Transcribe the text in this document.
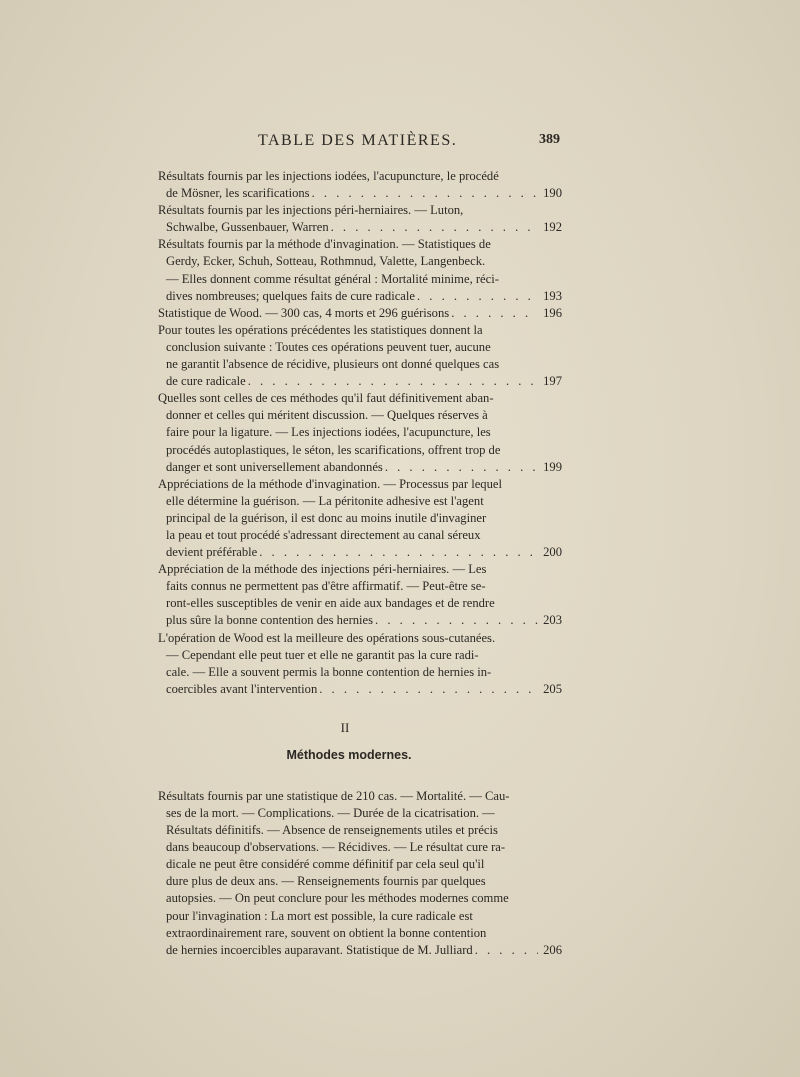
TABLE DES MATIÈRES.	389
Résultats fournis par les injections iodées, l'acupuncture, le procédé
de Mösner, les scarifications . . .	190
Résultats fournis par les injections péri-herniaires. — Luton,
Schwalbe, Gussenbauer, Warren . . .	192
Résultats fournis par la méthode d'invagination. — Statistiques de
Gerdy, Ecker, Schuh, Sotteau, Rothmnud, Valette, Langenbeck.
— Elles donnent comme résultat général : Mortalité minime, réci-
dives nombreuses; quelques faits de cure radicale . . .	193
Statistique de Wood. — 300 cas, 4 morts et 296 guérisons . . .	196
Pour toutes les opérations précédentes les statistiques donnent la
conclusion suivante : Toutes ces opérations peuvent tuer, aucune
ne garantit l'absence de récidive, plusieurs ont donné quelques cas
de cure radicale . . .	197
Quelles sont celles de ces méthodes qu'il faut définitivement aban-
donner et celles qui méritent discussion. — Quelques réserves à
faire pour la ligature. — Les injections iodées, l'acupuncture, les
procédés autoplastiques, le séton, les scarifications, offrent trop de
danger et sont universellement abandonnés . . .	199
Appréciations de la méthode d'invagination. — Processus par lequel
elle détermine la guérison. — La péritonite adhesive est l'agent
principal de la guérison, il est donc au moins inutile d'invaginer
la peau et tout procédé s'adressant directement au canal séreux
devient préférable . . .	200
Appréciation de la méthode des injections péri-herniaires. — Les
faits connus ne permettent pas d'être affirmatif. — Peut-être se-
ront-elles susceptibles de venir en aide aux bandages et de rendre
plus sûre la bonne contention des hernies . . .	203
L'opération de Wood est la meilleure des opérations sous-cutanées.
— Cependant elle peut tuer et elle ne garantit pas la cure radi-
cale. — Elle a souvent permis la bonne contention de hernies in-
coercibles avant l'intervention . . .	205
II
Méthodes modernes.
Résultats fournis par une statistique de 210 cas. — Mortalité. — Cau-
ses de la mort. — Complications. — Durée de la cicatrisation. —
Résultats définitifs. — Absence de renseignements utiles et précis
dans beaucoup d'observations. — Récidives. — Le résultat cure ra-
dicale ne peut être considéré comme définitif par cela seul qu'il
dure plus de deux ans. — Renseignements fournis par quelques
autopsies. — On peut conclure pour les méthodes modernes comme
pour l'invagination : La mort est possible, la cure radicale est
extraordinairement rare, souvent on obtient la bonne contention
de hernies incoercibles auparavant. Statistique de M. Julliard . . .	206
